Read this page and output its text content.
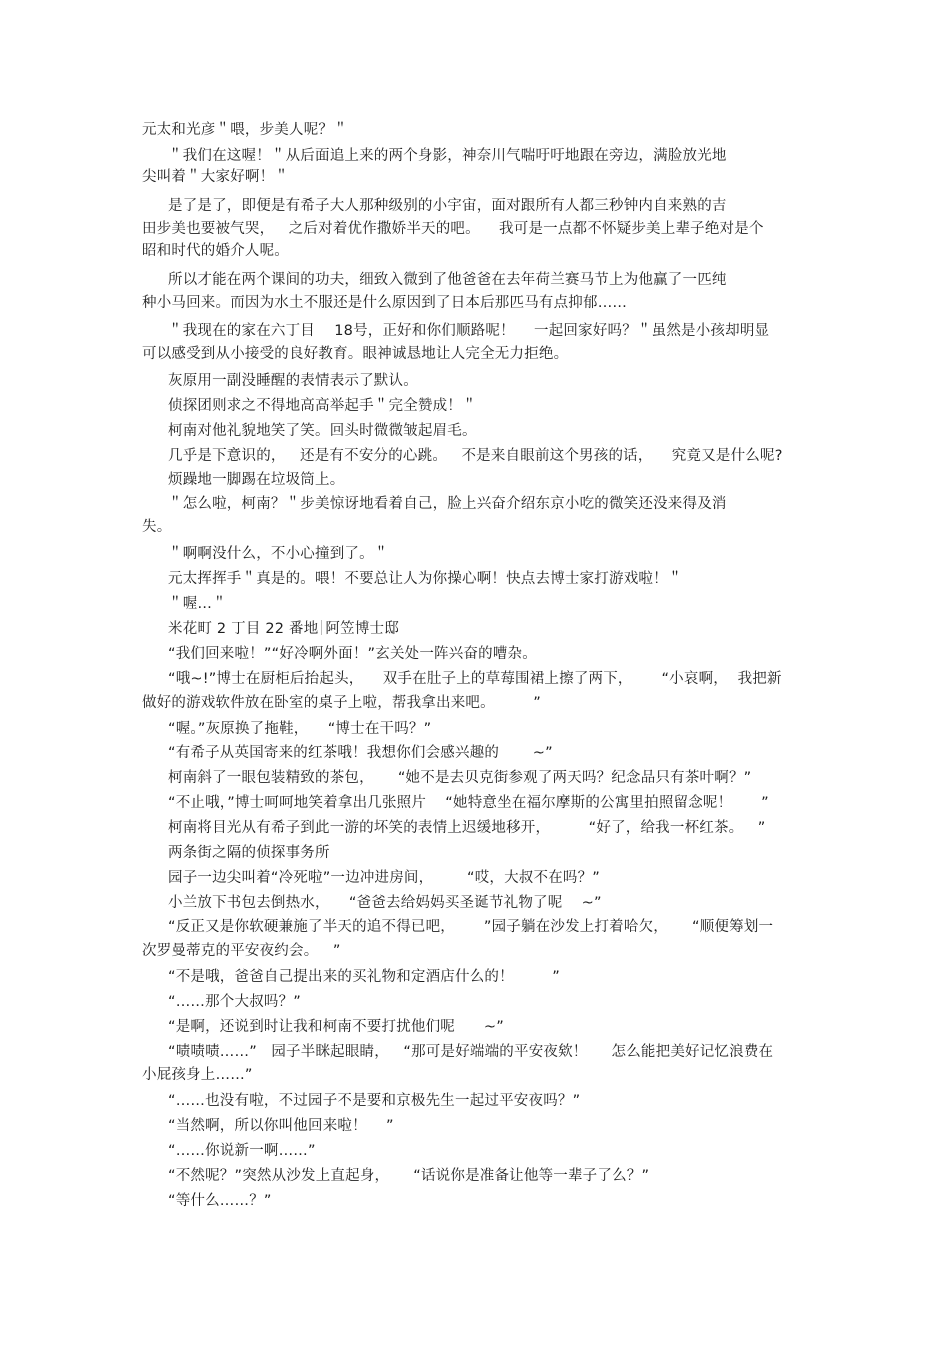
元太和光彦＂喂，步美人呢？＂
＂我们在这喔！＂从后面追上来的两个身影，神奈川气喘吁吁地跟在旁边，满脸放光地
尖叫着＂大家好啊！＂
是了是了，即便是有希子大人那种级别的小宇宙，面对跟所有人都三秒钟内自来熟的吉
田步美也要被气哭，   之后对着优作撒娇半天的吧。    我可是一点都不怀疑步美上辈子绝对是个
昭和时代的婚介人呢。
所以才能在两个课间的功夫，细致入微到了他爸爸在去年荷兰赛马节上为他赢了一匹纯
种小马回来。而因为水土不服还是什么原因到了日本后那匹马有点抑郁……
＂我现在的家在六丁目    18号，正好和你们顺路呢！    一起回家好吗？＂虽然是小孩却明显
可以感受到从小接受的良好教育。眼神诚恳地让人完全无力拒绝。
灰原用一副没睡醒的表情表示了默认。
侦探团则求之不得地高高举起手＂完全赞成！＂
柯南对他礼貌地笑了笑。回头时微微皱起眉毛。
几乎是下意识的，   还是有不安分的心跳。   不是来自眼前这个男孩的话，    究竟又是什么呢?
烦躁地一脚踢在垃圾筒上。
＂怎么啦，柯南？＂步美惊讶地看着自己，脸上兴奋介绍东京小吃的微笑还没来得及消
失。
＂啊啊没什么，不小心撞到了。＂
元太挥挥手＂真是的。喂！不要总让人为你操心啊！快点去博士家打游戏啦！＂
＂喔…＂
米花町 2 丁目 22 番地 阿笠博士邸
“我们回来啦！”“好冷啊外面！”玄关处一阵兴奋的嘈杂。
“哦~!”博士在厨柜后抬起头，    双手在肚子上的草莓围裙上擦了两下，      “小哀啊，  我把新
做好的游戏软件放在卧室的桌子上啦，帮我拿出来吧。        ”
“喔。”灰原换了拖鞋，    “博士在干吗？”
“有希子从英国寄来的红茶哦！我想你们会感兴趣的       ~”
柯南斜了一眼包装精致的茶包，     “她不是去贝克街参观了两天吗？纪念品只有茶叶啊？”
“不止哦，”博士呵呵地笑着拿出几张照片    “她特意坐在福尔摩斯的公寓里拍照留念呢！      ”
柯南将目光从有希子到此一游的坏笑的表情上迟缓地移开，        “好了，给我一杯红茶。   ”
两条街之隔的侦探事务所
园子一边尖叫着“冷死啦”一边冲进房间，       “哎，大叔不在吗？”
小兰放下书包去倒热水，    “爸爸去给妈妈买圣诞节礼物了呢    ~”
“反正又是你软硬兼施了半天的追不得已吧，      ”园子躺在沙发上打着哈欠，     “顺便筹划一
次罗曼蒂克的平安夜约会。   ”
“不是哦，爸爸自己提出来的买礼物和定酒店什么的！        ”
“……那个大叔吗？”
“是啊，还说到时让我和柯南不要打扰他们呢      ~”
“啧啧啧……”   园子半眯起眼睛，   “那可是好端端的平安夜欸！     怎么能把美好记忆浪费在
小屁孩身上……”
“……也没有啦，不过园子不是要和京极先生一起过平安夜吗？”
“当然啊，所以你叫他回来啦！    ”
“……你说新一啊……”
“不然呢？”突然从沙发上直起身，     “话说你是准备让他等一辈子了么？”
“等什么……？”
